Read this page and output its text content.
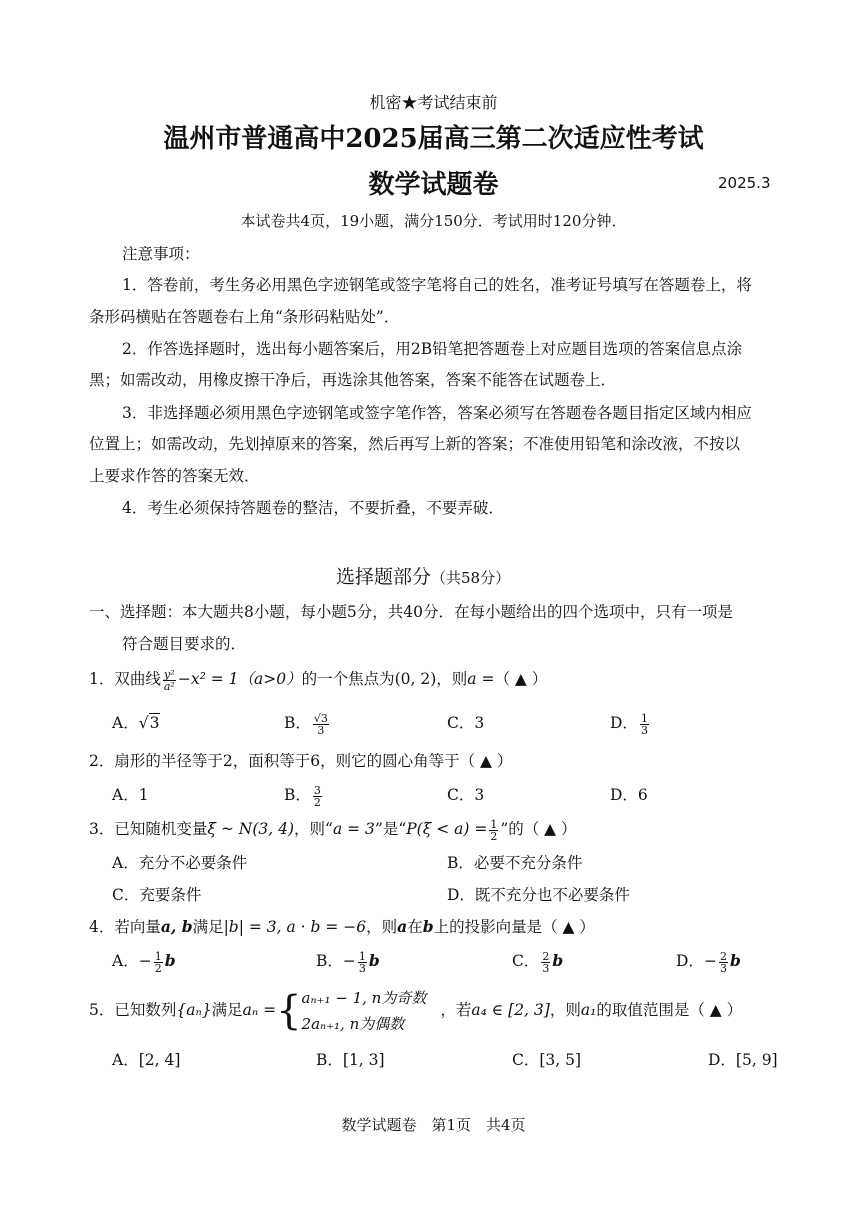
机密★考试结束前
温州市普通高中2025届高三第二次适应性考试
数学试题卷	2025.3
本试卷共4页，19小题，满分150分．考试用时120分钟．
注意事项：
1．答卷前，考生务必用黑色字迹钢笔或签字笔将自己的姓名，准考证号填写在答题卷上，将
条形码横贴在答题卷右上角“条形码粘贴处”．
2．作答选择题时，选出每小题答案后，用2B铅笔把答题卷上对应题目选项的答案信息点涂
黑；如需改动，用橡皮擦干净后，再选涂其他答案，答案不能答在试题卷上．
3．非选择题必须用黑色字迹钢笔或签字笔作答，答案必须写在答题卷各题目指定区域内相应
位置上；如需改动，先划掉原来的答案，然后再写上新的答案；不准使用铅笔和涂改液，不按以
上要求作答的答案无效．
4．考生必须保持答题卷的整洁，不要折叠，不要弄破．
选择题部分（共58分）
一、选择题：本大题共8小题，每小题5分，共40分．在每小题给出的四个选项中，只有一项是
符合题目要求的．
1．双曲线 $\frac{\text{y²}}{\text{a²}} -x^2 = 1(a>0)$的一个焦点为(0, 2)，则a =（ ▲ ）
A．√3	B． $\frac{√3}{3}$	C．3	D． $\frac{1}{3}$
2．扇形的半径等于2，面积等于6，则它的圆心角等于（ ▲ ）
A．1	B． $\frac{3}{2}$	C．3	D．6
3．已知随机变量ξ ~ N(3, 4)，则“a = 3”是“$P(\xi < a) = \frac{1}{2}$ ”的（ ▲ ）
A．充分不必要条件	B．必要不充分条件
C．充要条件	D．既不充分也不必要条件
4．若向量a, b满足|b| = 3, a · b = −6，则a在b上的投影向量是（ ▲ ）
A．− $\frac{1}{2}$ b	B．− $\frac{1}{3}$ b	C． $\frac{2}{3}$ b	D．− $\frac{2}{3}$ b
5．已知数列{aₙ}满足aₙ ={ aₙ₊₁ − 1, n为奇数
2aₙ₊₁, n为偶数
，若a₄ ∈ [2, 3]，则a₁的取值范围是（ ▲ ）
A．[2, 4]	B．[1, 3]	C．[3, 5]	D．[5, 9]
数学试题卷　第1页　共4页
